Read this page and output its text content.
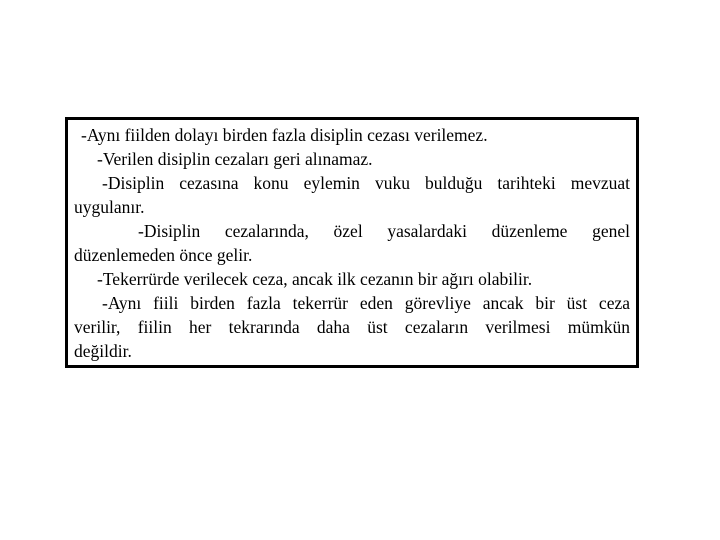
-Aynı fiilden dolayı birden fazla disiplin cezası verilemez.
-Verilen disiplin cezaları geri alınamaz.
-Disiplin cezasına konu eylemin vuku bulduğu tarihteki mevzuat
uygulanır.
-Disiplin cezalarında, özel yasalardaki düzenleme genel
düzenlemeden önce gelir.
-Tekerrürde verilecek ceza, ancak ilk cezanın bir ağırı olabilir.
-Aynı fiili birden fazla tekerrür eden görevliye ancak bir üst ceza
verilir, fiilin her tekrarında daha üst cezaların verilmesi mümkün
değildir.
